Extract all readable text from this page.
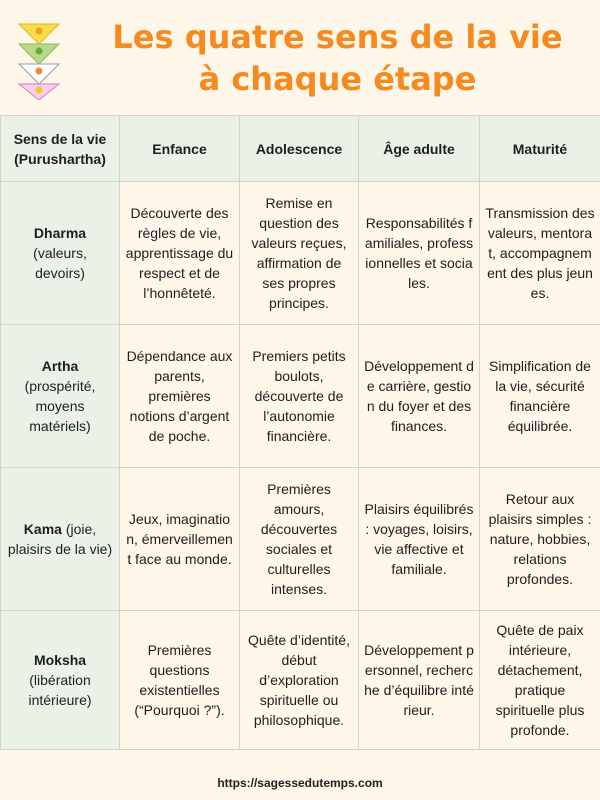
Les quatre sens de la vie
à chaque étape
Sens de la vie
(Purushartha)	Enfance	Adolescence	Âge adulte	Maturité

Dharma
(valeurs, devoirs)	Découverte des règles de vie, apprentissage du respect et de l’honnêteté.	Remise en question des valeurs reçues, affirmation de ses propres principes.	Responsabilités familiales, professionnelles et sociales.	Transmission des valeurs, mentorat, accompagnement des plus jeunes.

Artha
(prospérité, moyens matériels)	Dépendance aux parents, premières notions d’argent de poche.	Premiers petits boulots, découverte de l’autonomie financière.	Développement de carrière, gestion du foyer et des finances.	Simplification de la vie, sécurité financière équilibrée.

Kama (joie, plaisirs de la vie)	Jeux, imagination, émerveillement face au monde.	Premières amours, découvertes sociales et culturelles intenses.	Plaisirs équilibrés : voyages, loisirs, vie affective et familiale.	Retour aux plaisirs simples : nature, hobbies, relations profondes.

Moksha
(libération intérieure)	Premières questions existentielles (“Pourquoi ?”).	Quête d’identité, début d’exploration spirituelle ou philosophique.	Développement personnel, recherche d’équilibre intérieur.	Quête de paix intérieure, détachement, pratique spirituelle plus profonde.
https://sagessedutemps.com
